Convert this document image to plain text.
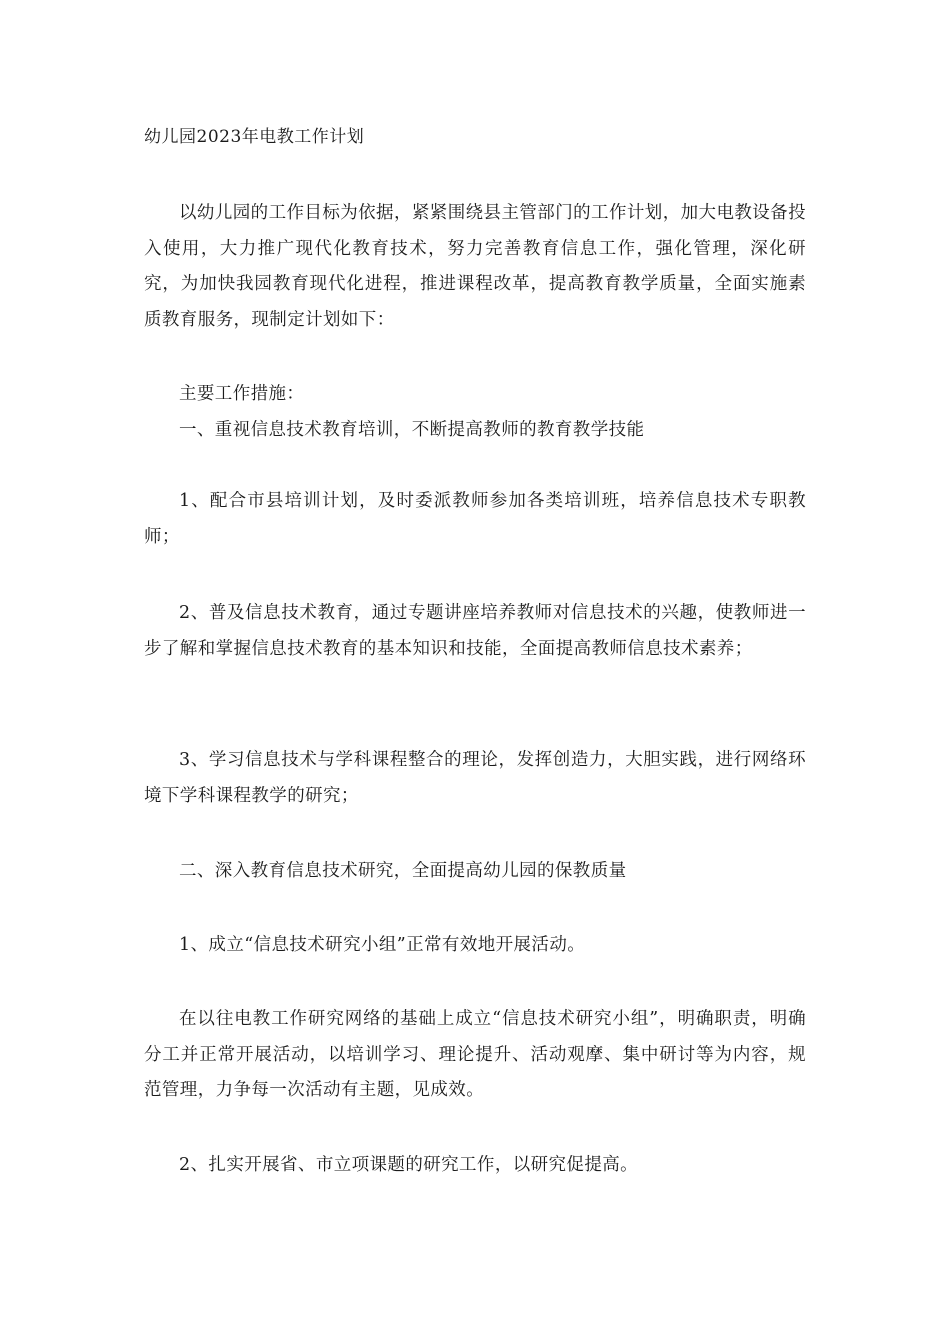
幼儿园2023年电教工作计划

以幼儿园的工作目标为依据，紧紧围绕县主管部门的工作计划，加大电教设备投入使用，大力推广现代化教育技术，努力完善教育信息工作，强化管理，深化研究，为加快我园教育现代化进程，推进课程改革，提高教育教学质量，全面实施素质教育服务，现制定计划如下：

主要工作措施：

一、重视信息技术教育培训，不断提高教师的教育教学技能

1、配合市县培训计划，及时委派教师参加各类培训班，培养信息技术专职教师；

2、普及信息技术教育，通过专题讲座培养教师对信息技术的兴趣，使教师进一步了解和掌握信息技术教育的基本知识和技能，全面提高教师信息技术素养；

3、学习信息技术与学科课程整合的理论，发挥创造力，大胆实践，进行网络环境下学科课程教学的研究；

二、深入教育信息技术研究，全面提高幼儿园的保教质量

1、成立“信息技术研究小组”正常有效地开展活动。

在以往电教工作研究网络的基础上成立“信息技术研究小组”，明确职责，明确分工并正常开展活动，以培训学习、理论提升、活动观摩、集中研讨等为内容，规范管理，力争每一次活动有主题，见成效。

2、扎实开展省、市立项课题的研究工作，以研究促提高。
